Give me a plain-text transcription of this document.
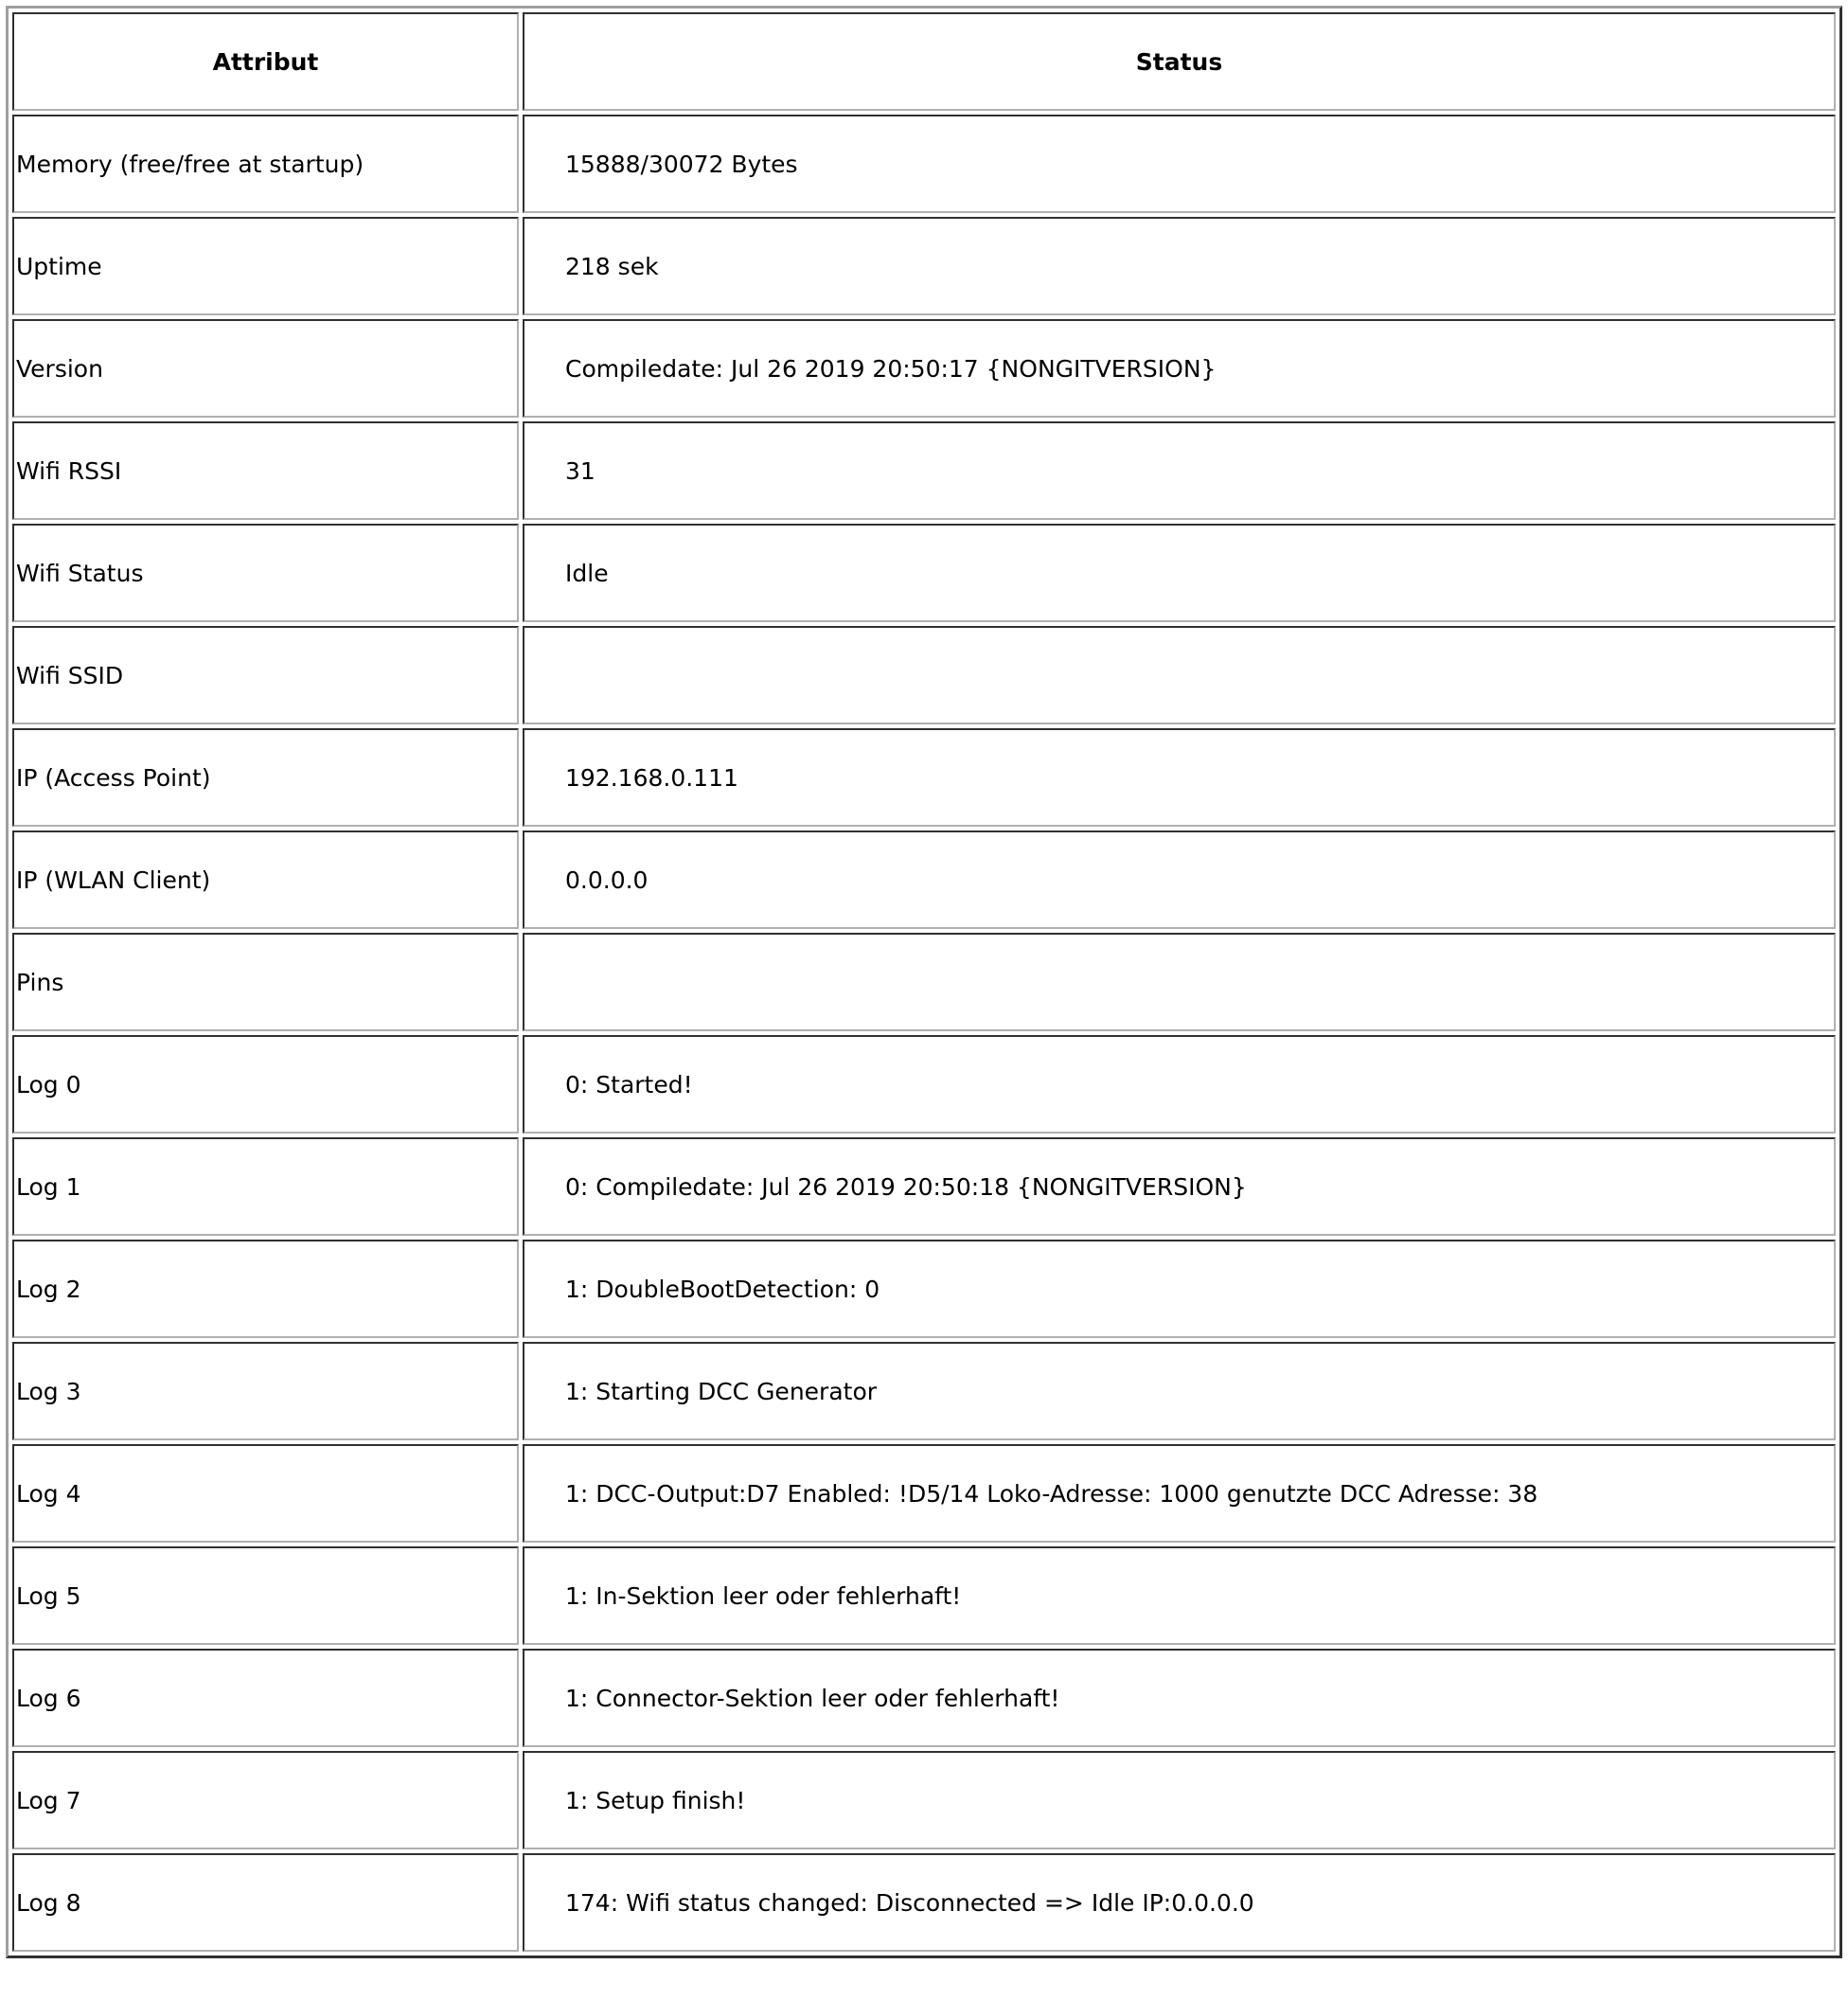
Attribut	Status
Memory (free/free at startup)	15888/30072 Bytes
Uptime	218 sek
Version	Compiledate: Jul 26 2019 20:50:17 {NONGITVERSION}
Wifi RSSI	31
Wifi Status	Idle
Wifi SSID	
IP (Access Point)	192.168.0.111
IP (WLAN Client)	0.0.0.0
Pins	
Log 0	0: Started!
Log 1	0: Compiledate: Jul 26 2019 20:50:18 {NONGITVERSION}
Log 2	1: DoubleBootDetection: 0
Log 3	1: Starting DCC Generator
Log 4	1: DCC-Output:D7 Enabled: !D5/14 Loko-Adresse: 1000 genutzte DCC Adresse: 38
Log 5	1: In-Sektion leer oder fehlerhaft!
Log 6	1: Connector-Sektion leer oder fehlerhaft!
Log 7	1: Setup finish!
Log 8	174: Wifi status changed: Disconnected => Idle IP:0.0.0.0
